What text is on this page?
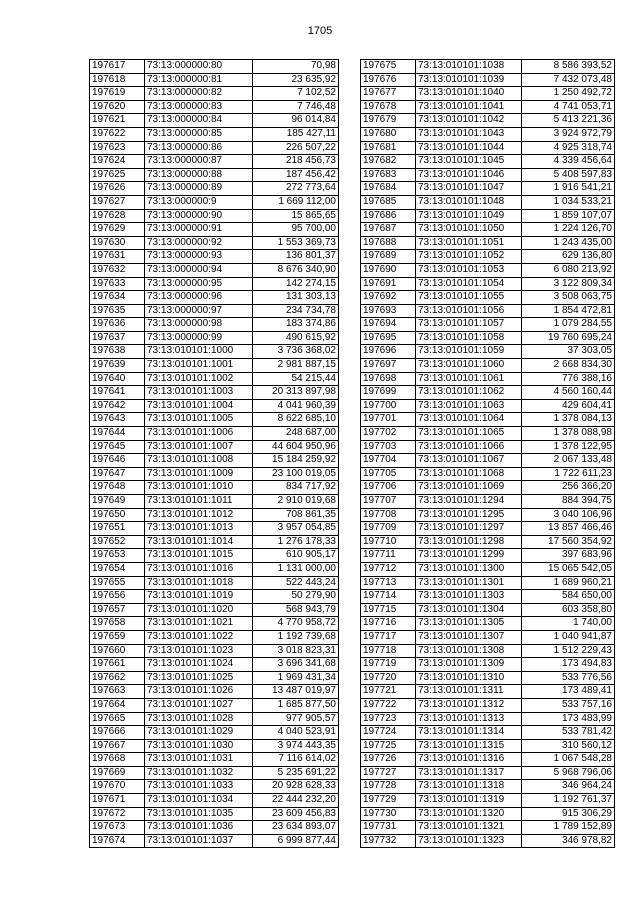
1705
197617	73:13:000000:80	70,98
197618	73:13:000000:81	23 635,92
197619	73:13:000000:82	7 102,52
197620	73:13:000000:83	7 746,48
197621	73:13:000000:84	96 014,84
197622	73:13:000000:85	185 427,11
197623	73:13:000000:86	226 507,22
197624	73:13:000000:87	218 456,73
197625	73:13:000000:88	187 456,42
197626	73:13:000000:89	272 773,64
197627	73:13:000000:9	1 669 112,00
197628	73:13:000000:90	15 865,65
197629	73:13:000000:91	95 700,00
197630	73:13:000000:92	1 553 369,73
197631	73:13:000000:93	136 801,37
197632	73:13:000000:94	8 676 340,90
197633	73:13:000000:95	142 274,15
197634	73:13:000000:96	131 303,13
197635	73:13:000000:97	234 734,78
197636	73:13:000000:98	183 374,86
197637	73:13:000000:99	490 615,92
197638	73:13:010101:1000	3 736 368,02
197639	73:13:010101:1001	2 981 887,15
197640	73:13:010101:1002	54 215,44
197641	73:13:010101:1003	20 313 897,98
197642	73:13:010101:1004	4 041 960,39
197643	73:13:010101:1005	8 622 685,10
197644	73:13:010101:1006	248 687,00
197645	73:13:010101:1007	44 604 950,96
197646	73:13:010101:1008	15 184 259,92
197647	73:13:010101:1009	23 100 019,05
197648	73:13:010101:1010	834 717,92
197649	73:13:010101:1011	2 910 019,68
197650	73:13:010101:1012	708 861,35
197651	73:13:010101:1013	3 957 054,85
197652	73:13:010101:1014	1 276 178,33
197653	73:13:010101:1015	610 905,17
197654	73:13:010101:1016	1 131 000,00
197655	73:13:010101:1018	522 443,24
197656	73:13:010101:1019	50 279,90
197657	73:13:010101:1020	568 943,79
197658	73:13:010101:1021	4 770 958,72
197659	73:13:010101:1022	1 192 739,68
197660	73:13:010101:1023	3 018 823,31
197661	73:13:010101:1024	3 696 341,68
197662	73:13:010101:1025	1 969 431,34
197663	73:13:010101:1026	13 487 019,97
197664	73:13:010101:1027	1 685 877,50
197665	73:13:010101:1028	977 905,57
197666	73:13:010101:1029	4 040 523,91
197667	73:13:010101:1030	3 974 443,35
197668	73:13:010101:1031	7 116 614,02
197669	73:13:010101:1032	5 235 691,22
197670	73:13:010101:1033	20 928 628,33
197671	73:13:010101:1034	22 444 232,20
197672	73:13:010101:1035	23 609 456,83
197673	73:13:010101:1036	23 634 893,07
197674	73:13:010101:1037	6 999 877,44
197675	73:13:010101:1038	8 586 393,52
197676	73:13:010101:1039	7 432 073,48
197677	73:13:010101:1040	1 250 492,72
197678	73:13:010101:1041	4 741 053,71
197679	73:13:010101:1042	5 413 221,36
197680	73:13:010101:1043	3 924 972,79
197681	73:13:010101:1044	4 925 318,74
197682	73:13:010101:1045	4 339 456,64
197683	73:13:010101:1046	5 408 597,83
197684	73:13:010101:1047	1 916 541,21
197685	73:13:010101:1048	1 034 533,21
197686	73:13:010101:1049	1 859 107,07
197687	73:13:010101:1050	1 224 126,70
197688	73:13:010101:1051	1 243 435,00
197689	73:13:010101:1052	629 136,80
197690	73:13:010101:1053	6 080 213,92
197691	73:13:010101:1054	3 122 809,34
197692	73:13:010101:1055	3 508 063,75
197693	73:13:010101:1056	1 854 472,81
197694	73:13:010101:1057	1 079 284,55
197695	73:13:010101:1058	19 760 695,24
197696	73:13:010101:1059	37 303,05
197697	73:13:010101:1060	2 668 834,30
197698	73:13:010101:1061	776 388,16
197699	73:13:010101:1062	4 560 160,44
197700	73:13:010101:1063	429 604,41
197701	73:13:010101:1064	1 378 084,13
197702	73:13:010101:1065	1 378 088,98
197703	73:13:010101:1066	1 378 122,95
197704	73:13:010101:1067	2 067 133,48
197705	73:13:010101:1068	1 722 611,23
197706	73:13:010101:1069	256 366,20
197707	73:13:010101:1294	884 394,75
197708	73:13:010101:1295	3 040 106,96
197709	73:13:010101:1297	13 857 466,46
197710	73:13:010101:1298	17 560 354,92
197711	73:13:010101:1299	397 683,96
197712	73:13:010101:1300	15 065 542,05
197713	73:13:010101:1301	1 689 960,21
197714	73:13:010101:1303	584 650,00
197715	73:13:010101:1304	603 358,80
197716	73:13:010101:1305	1 740,00
197717	73:13:010101:1307	1 040 941,87
197718	73:13:010101:1308	1 512 229,43
197719	73:13:010101:1309	173 494,83
197720	73:13:010101:1310	533 776,56
197721	73:13:010101:1311	173 489,41
197722	73:13:010101:1312	533 757,16
197723	73:13:010101:1313	173 483,99
197724	73:13:010101:1314	533 781,42
197725	73:13:010101:1315	310 560,12
197726	73:13:010101:1316	1 067 548,28
197727	73:13:010101:1317	5 968 796,06
197728	73:13:010101:1318	346 964,24
197729	73:13:010101:1319	1 192 761,37
197730	73:13:010101:1320	915 306,29
197731	73:13:010101:1321	1 789 152,89
197732	73:13:010101:1323	346 978,82
